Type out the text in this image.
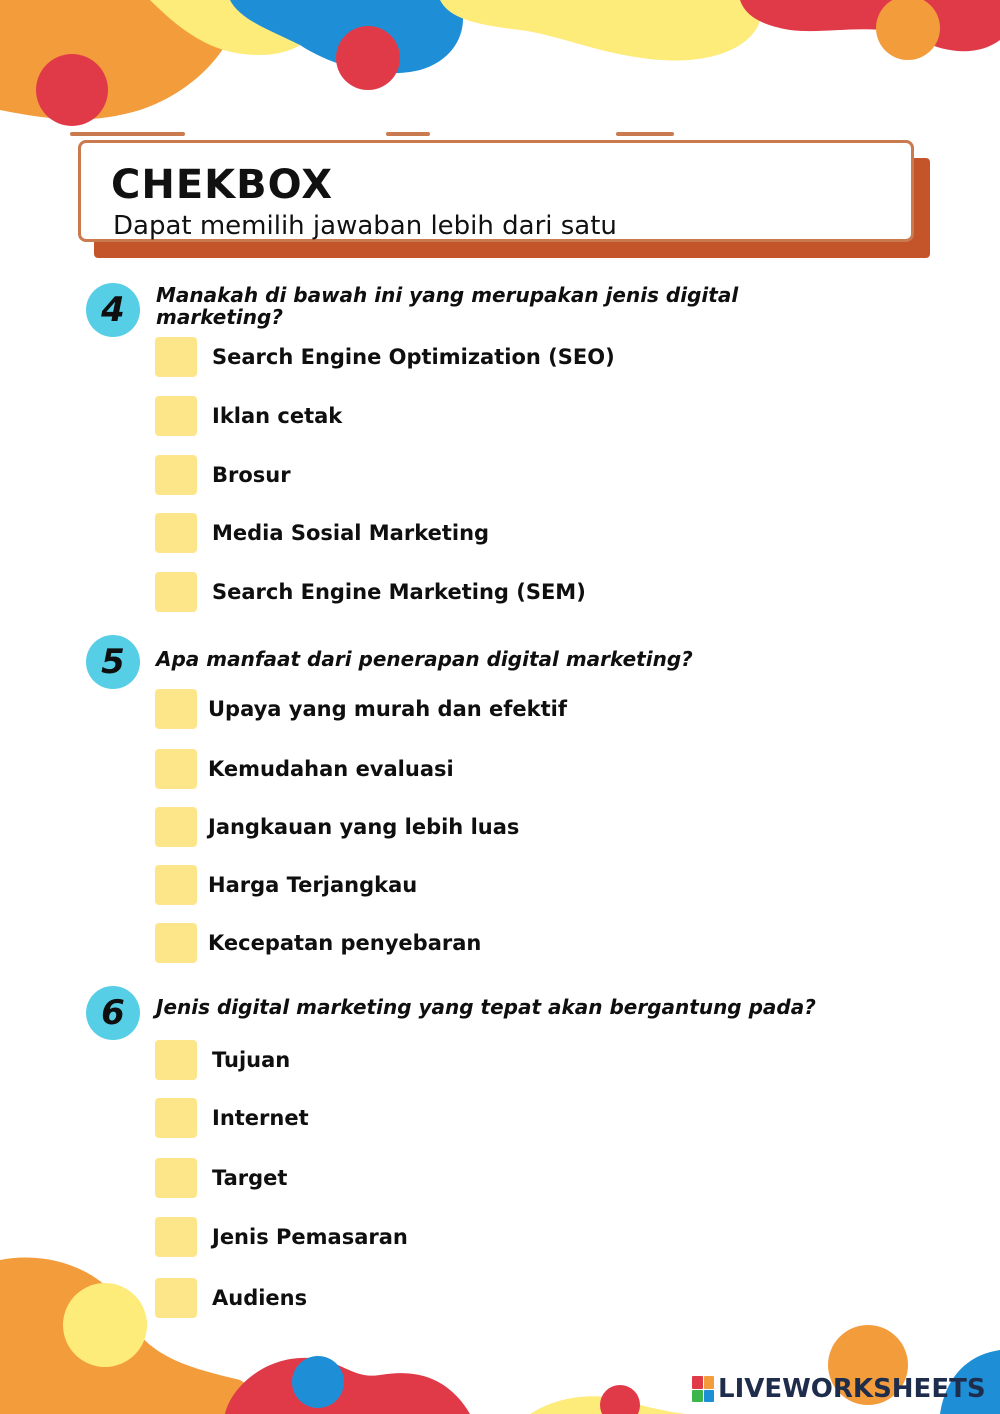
CHEKBOX
Dapat memilih jawaban lebih dari satu
4	Manakah di bawah ini yang merupakan jenis digital marketing?
Search Engine Optimization (SEO)
Iklan cetak
Brosur
Media Sosial Marketing
Search Engine Marketing (SEM)
5	Apa manfaat dari penerapan digital marketing?
Upaya yang murah dan efektif
Kemudahan evaluasi
Jangkauan yang lebih luas
Harga Terjangkau
Kecepatan penyebaran
6	Jenis digital marketing yang tepat akan bergantung pada?
Tujuan
Internet
Target
Jenis Pemasaran
Audiens
LIVEWORKSHEETS
